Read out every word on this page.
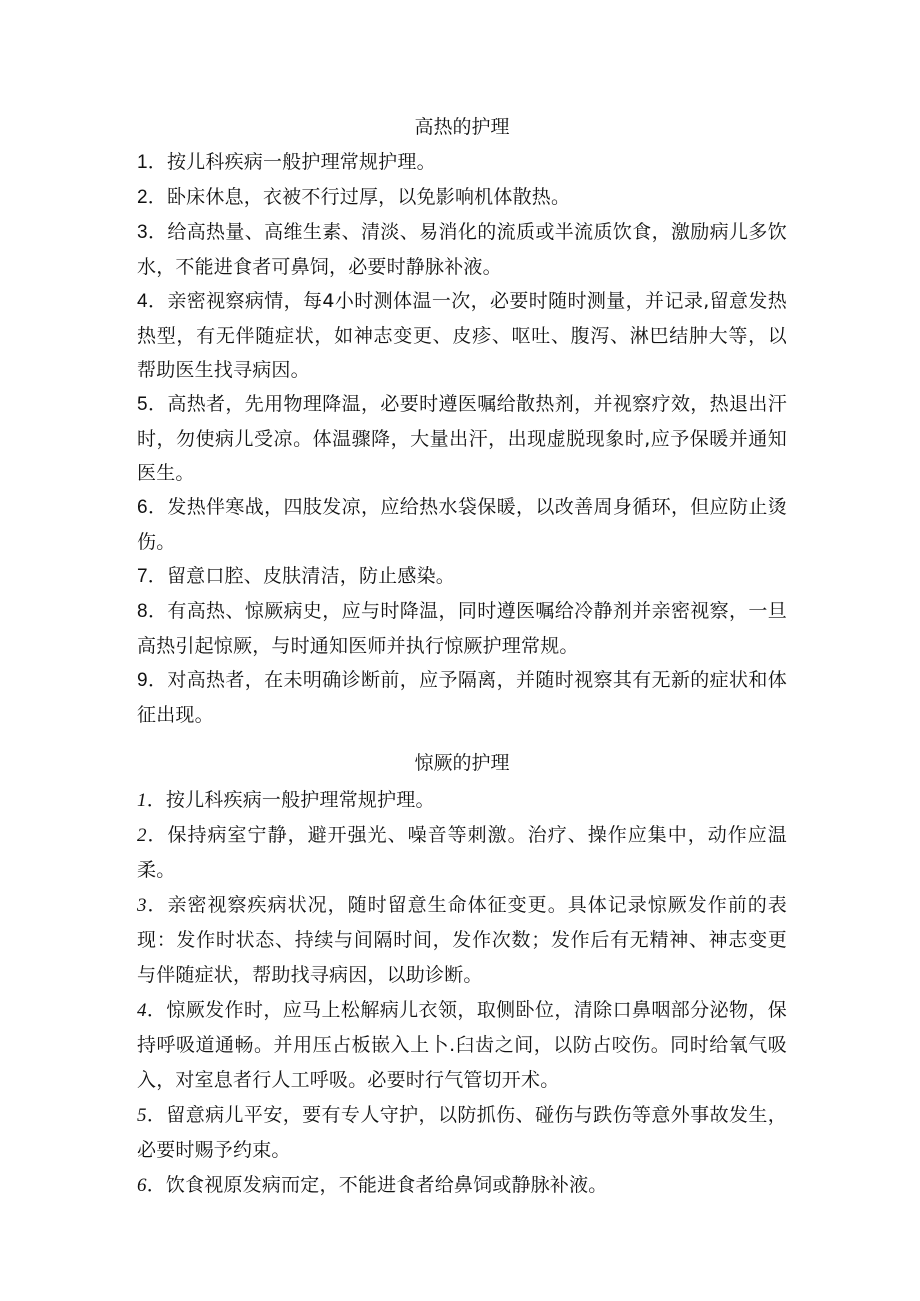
高热的护理

1．按儿科疾病一般护理常规护理。

2．卧床休息，衣被不行过厚，以免影响机体散热。

3．给高热量、高维生素、清淡、易消化的流质或半流质饮食，激励病儿多饮水，不能进食者可鼻饲，必要时静脉补液。

4．亲密视察病情，每4小时测体温一次，必要时随时测量，并记录,留意发热热型，有无伴随症状，如神志变更、皮疹、呕吐、腹泻、淋巴结肿大等，以帮助医生找寻病因。

5．高热者，先用物理降温，必要时遵医嘱给散热剂，并视察疗效，热退出汗时，勿使病儿受凉。体温骤降，大量出汗，出现虚脱现象时,应予保暖并通知医生。

6．发热伴寒战，四肢发凉，应给热水袋保暖，以改善周身循环，但应防止烫伤。

7．留意口腔、皮肤清洁，防止感染。

8．有高热、惊厥病史，应与时降温，同时遵医嘱给冷静剂并亲密视察，一旦高热引起惊厥，与时通知医师并执行惊厥护理常规。

9．对高热者，在未明确诊断前，应予隔离，并随时视察其有无新的症状和体征出现。

惊厥的护理

1．按儿科疾病一般护理常规护理。

2．保持病室宁静，避开强光、噪音等刺激。治疗、操作应集中，动作应温柔。

3．亲密视察疾病状况，随时留意生命体征变更。具体记录惊厥发作前的表现：发作时状态、持续与间隔时间，发作次数；发作后有无精神、神志变更与伴随症状，帮助找寻病因，以助诊断。

4．惊厥发作时，应马上松解病儿衣领，取侧卧位，清除口鼻咽部分泌物，保持呼吸道通畅。并用压占板嵌入上卜.臼齿之间，以防占咬伤。同时给氧气吸入，对室息者行人工呼吸。必要时行气管切开术。

5．留意病儿平安，要有专人守护，以防抓伤、碰伤与跌伤等意外事故发生，必要时赐予约束。

6．饮食视原发病而定，不能进食者给鼻饲或静脉补液。
